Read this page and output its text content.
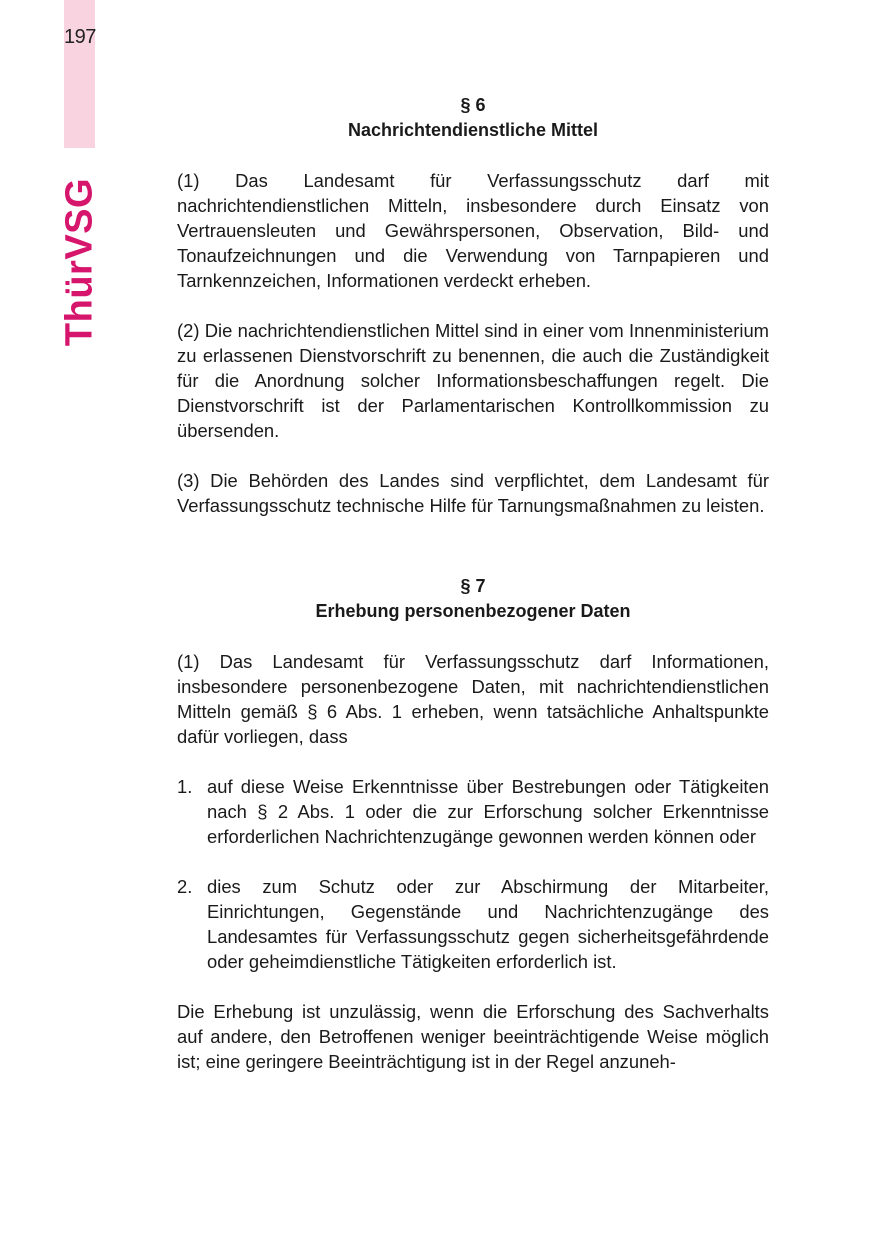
197
ThürVSG
§ 6
Nachrichtendienstliche Mittel

(1) Das Landesamt für Verfassungsschutz darf mit nachrichtendienstlichen Mitteln, insbesondere durch Einsatz von Vertrauensleuten und Gewährspersonen, Observation, Bild- und Tonaufzeichnungen und die Verwendung von Tarnpapieren und Tarnkennzeichen, Informationen verdeckt erheben.

(2) Die nachrichtendienstlichen Mittel sind in einer vom Innenministerium zu erlassenen Dienstvorschrift zu benennen, die auch die Zuständigkeit für die Anordnung solcher Informationsbeschaffungen regelt. Die Dienstvorschrift ist der Parlamentarischen Kontrollkommission zu übersenden.

(3) Die Behörden des Landes sind verpflichtet, dem Landesamt für Verfassungsschutz technische Hilfe für Tarnungsmaßnahmen zu leisten.

§ 7
Erhebung personenbezogener Daten

(1) Das Landesamt für Verfassungsschutz darf Informationen, insbesondere personenbezogene Daten, mit nachrichtendienstlichen Mitteln gemäß § 6 Abs. 1 erheben, wenn tatsächliche Anhaltspunkte dafür vorliegen, dass

1. auf diese Weise Erkenntnisse über Bestrebungen oder Tätigkeiten nach § 2 Abs. 1 oder die zur Erforschung solcher Erkenntnisse erforderlichen Nachrichtenzugänge gewonnen werden können oder
2. dies zum Schutz oder zur Abschirmung der Mitarbeiter, Einrichtungen, Gegenstände und Nachrichtenzugänge des Landesamtes für Verfassungsschutz gegen sicherheitsgefährdende oder geheimdienstliche Tätigkeiten erforderlich ist.

Die Erhebung ist unzulässig, wenn die Erforschung des Sachverhalts auf andere, den Betroffenen weniger beeinträchtigende Weise möglich ist; eine geringere Beeinträchtigung ist in der Regel anzuneh-
